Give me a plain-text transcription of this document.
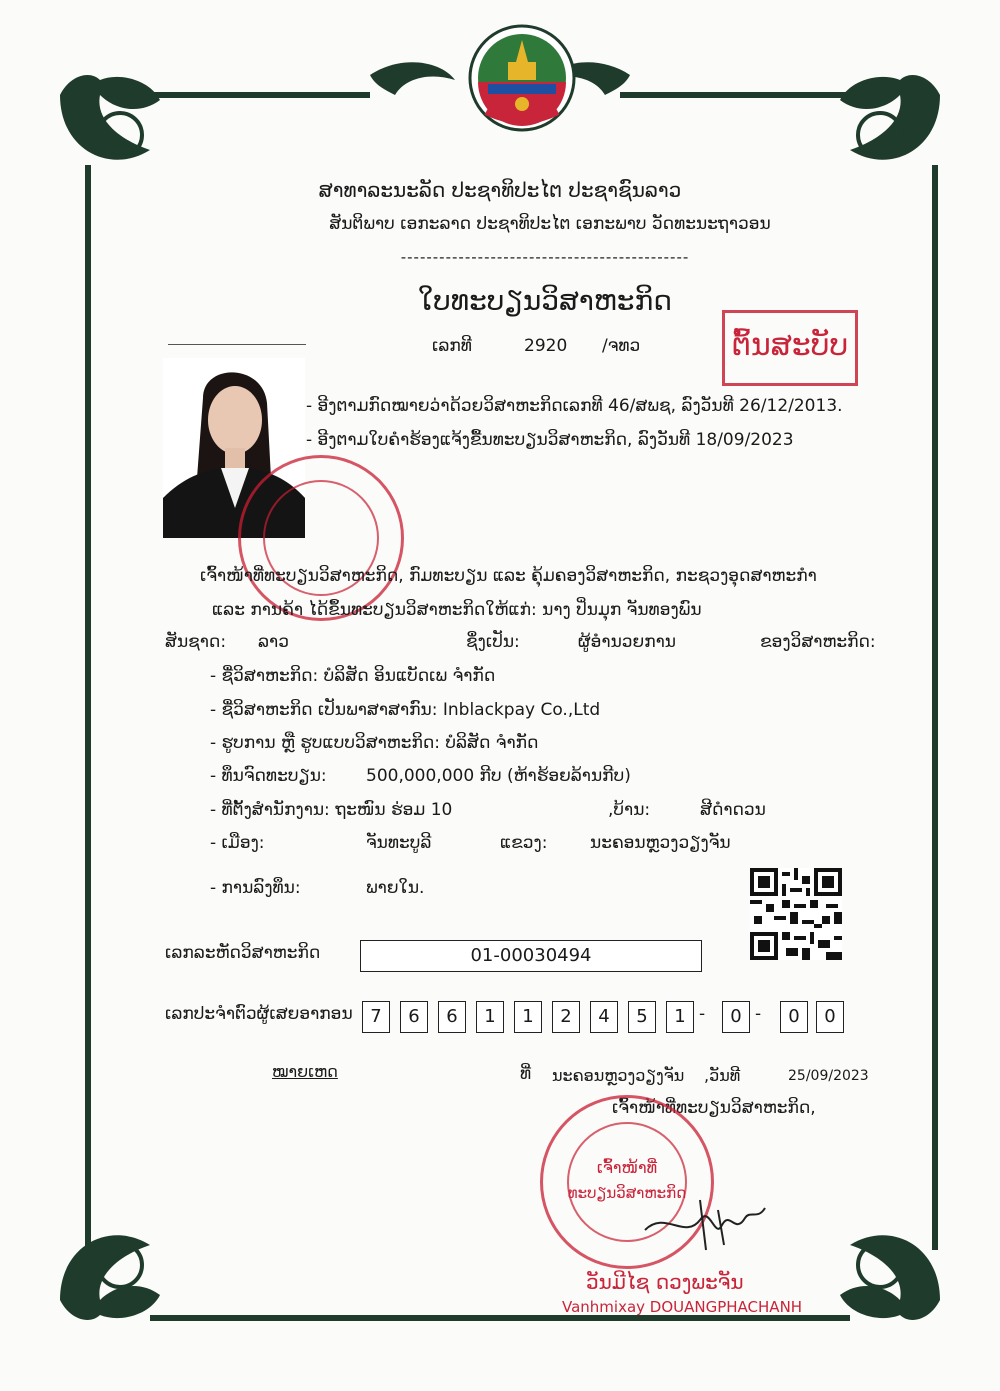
ສາທາລະນະລັດ ປະຊາທິປະໄຕ ປະຊາຊົນລາວ
ສັນຕິພາບ ເອກະລາດ ປະຊາທິປະໄຕ ເອກະພາບ ວັດທະນະຖາວອນ
---------------------------------------------
ໃບທະບຽນວິສາຫະກິດ
ເລກທີ	2920 /ຈທວ	ຕົ້ນສະບັບ
- ອີງຕາມກົດໝາຍວ່າດ້ວຍວິສາຫະກິດເລກທີ 46/ສພຊ, ລົງວັນທີ 26/12/2013.
- ອີງຕາມໃບຄໍາຮ້ອງແຈ້ງຂື້ນທະບຽນວິສາຫະກິດ, ລົງວັນທີ 18/09/2023
ເຈົ້າໜ້າທີ່ທະບຽນວິສາຫະກິດ, ກົມທະບຽນ ແລະ ຄຸ້ມຄອງວິສາຫະກິດ, ກະຊວງອຸດສາຫະກໍາ
ແລະ ການຄ້າ ໄດ້ຂຶ້ນທະບຽນວິສາຫະກິດໃຫ້ແກ່: ນາງ ປິ່ນມຸກ ຈັນທອງພົນ
ສັນຊາດ: ລາວ	ຊຶ່ງເປັນ:	ຜູ້ອໍານວຍການ	ຂອງວິສາຫະກິດ:
- ຊື່ວິສາຫະກິດ: ບໍລິສັດ ອິນແບັດເພ ຈໍາກັດ
- ຊື່ວິສາຫະກິດ ເປັນພາສາສາກົນ: Inblackpay Co.,Ltd
- ຮູບການ ຫຼື ຮູບແບບວິສາຫະກິດ: ບໍລິສັດ ຈໍາກັດ
- ທຶນຈົດທະບຽນ: 500,000,000 ກີບ (ຫ້າຮ້ອຍລ້ານກີບ)
- ທີ່ຕັ້ງສໍານັກງານ: ຖະໜົນ ຮ່ອມ 10	,ບ້ານ:	ສີດໍາດວນ
- ເມືອງ:	ຈັນທະບູລີ	ແຂວງ:	ນະຄອນຫຼວງວຽງຈັນ
- ການລົງທຶນ:	ພາຍໃນ.
ເລກລະຫັດວິສາຫະກິດ	01-00030494
ເລກປະຈໍາຕົວຜູ້ເສຍອາກອນ 7	6	6	1	1	2	4	5	1 -	0 -	0	0
ໝາຍເຫດ	ທີ່ ນະຄອນຫຼວງວຽງຈັນ ,ວັນທີ	25/09/2023
ເຈົ້າໜ້າທີ່ທະບຽນວິສາຫະກິດ,
ເຈົ້າໜ້າທີ່
ທະບຽນວິສາຫະກິດ
ວັນມີໄຊ ດວງພະຈັນ
Vanhmixay DOUANGPHACHANH
